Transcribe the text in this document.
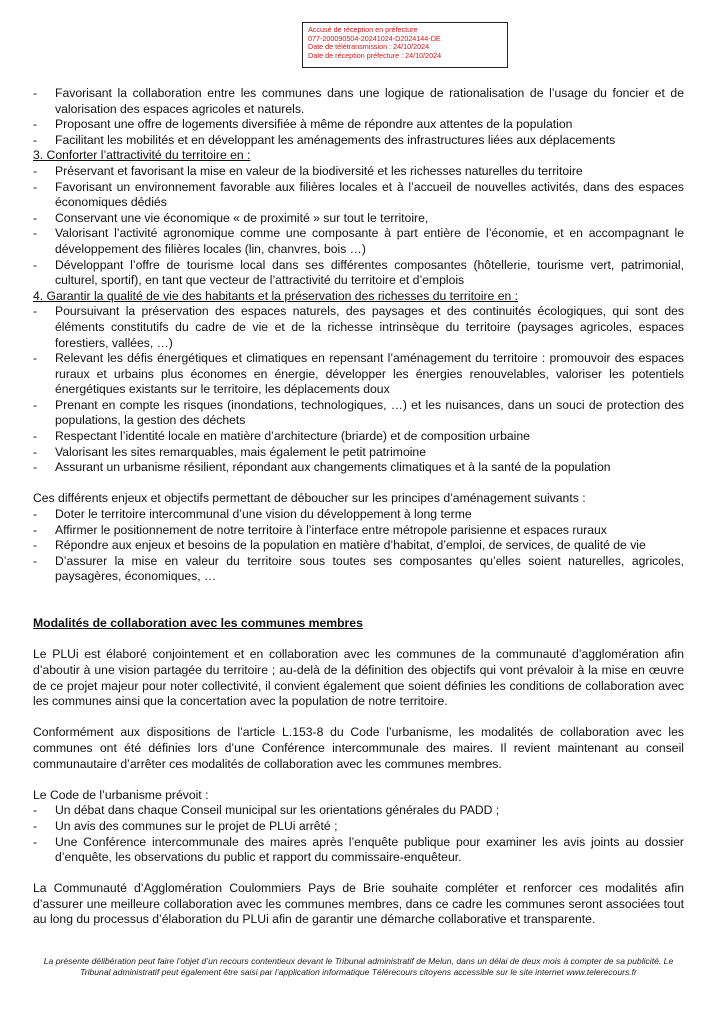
Accusé de réception en préfecture
077-200090504-20241024-D2024144-DE
Date de télétransmission : 24/10/2024
Date de réception préfecture : 24/10/2024
- Favorisant la collaboration entre les communes dans une logique de rationalisation de l’usage du foncier et de valorisation des espaces agricoles et naturels.
- Proposant une offre de logements diversifiée à même de répondre aux attentes de la population
- Facilitant les mobilités et en développant les aménagements des infrastructures liées aux déplacements
3. Conforter l’attractivité du territoire en :
- Préservant et favorisant la mise en valeur de la biodiversité et les richesses naturelles du territoire
- Favorisant un environnement favorable aux filières locales et à l’accueil de nouvelles activités, dans des espaces économiques dédiés
- Conservant une vie économique « de proximité » sur tout le territoire,
- Valorisant l’activité agronomique comme une composante à part entière de l’économie, et en accompagnant le développement des filières locales (lin, chanvres, bois …)
- Développant l’offre de tourisme local dans ses différentes composantes (hôtellerie, tourisme vert, patrimonial, culturel, sportif), en tant que vecteur de l’attractivité du territoire et d’emplois
4. Garantir la qualité de vie des habitants et la préservation des richesses du territoire en :
- Poursuivant la préservation des espaces naturels, des paysages et des continuités écologiques, qui sont des éléments constitutifs du cadre de vie et de la richesse intrinsèque du territoire (paysages agricoles, espaces forestiers, vallées, …)
- Relevant les défis énergétiques et climatiques en repensant l’aménagement du territoire : promouvoir des espaces ruraux et urbains plus économes en énergie, développer les énergies renouvelables, valoriser les potentiels énergétiques existants sur le territoire, les déplacements doux
- Prenant en compte les risques (inondations, technologiques, …) et les nuisances, dans un souci de protection des populations, la gestion des déchets
- Respectant l’identité locale en matière d’architecture (briarde) et de composition urbaine
- Valorisant les sites remarquables, mais également le petit patrimoine
- Assurant un urbanisme résilient, répondant aux changements climatiques et à la santé de la population

Ces différents enjeux et objectifs permettant de déboucher sur les principes d’aménagement suivants :

- Doter le territoire intercommunal d’une vision du développement à long terme
- Affirmer le positionnement de notre territoire à l’interface entre métropole parisienne et espaces ruraux
- Répondre aux enjeux et besoins de la population en matière d’habitat, d’emploi, de services, de qualité de vie
- D’assurer la mise en valeur du territoire sous toutes ses composantes qu’elles soient naturelles, agricoles, paysagères, économiques, …
Modalités de collaboration avec les communes membres

Le PLUi est élaboré conjointement et en collaboration avec les communes de la communauté d’agglomération afin d’aboutir à une vision partagée du territoire ; au-delà de la définition des objectifs qui vont prévaloir à la mise en œuvre de ce projet majeur pour noter collectivité, il convient également que soient définies les conditions de collaboration avec les communes ainsi que la concertation avec la population de notre territoire.

Conformément aux dispositions de l’article L.153-8 du Code l’urbanisme, les modalités de collaboration avec les communes ont été définies lors d’une Conférence intercommunale des maires. Il revient maintenant au conseil communautaire d’arrêter ces modalités de collaboration avec les communes membres.

Le Code de l’urbanisme prévoit :

- Un débat dans chaque Conseil municipal sur les orientations générales du PADD ;
- Un avis des communes sur le projet de PLUi arrêté ;
- Une Conférence intercommunale des maires après l’enquête publique pour examiner les avis joints au dossier d’enquête, les observations du public et rapport du commissaire-enquêteur.

La Communauté d’Agglomération Coulommiers Pays de Brie souhaite compléter et renforcer ces modalités afin d’assurer une meilleure collaboration avec les communes membres, dans ce cadre les communes seront associées tout au long du processus d’élaboration du PLUi afin de garantir une démarche collaborative et transparente.

La présente délibération peut faire l’objet d’un recours contentieux devant le Tribunal administratif de Melun, dans un délai de deux mois à compter de sa publicité. Le
Tribunal administratif peut également être saisi par l’application informatique Télérecours citoyens accessible sur le site internet www.telerecours.fr
